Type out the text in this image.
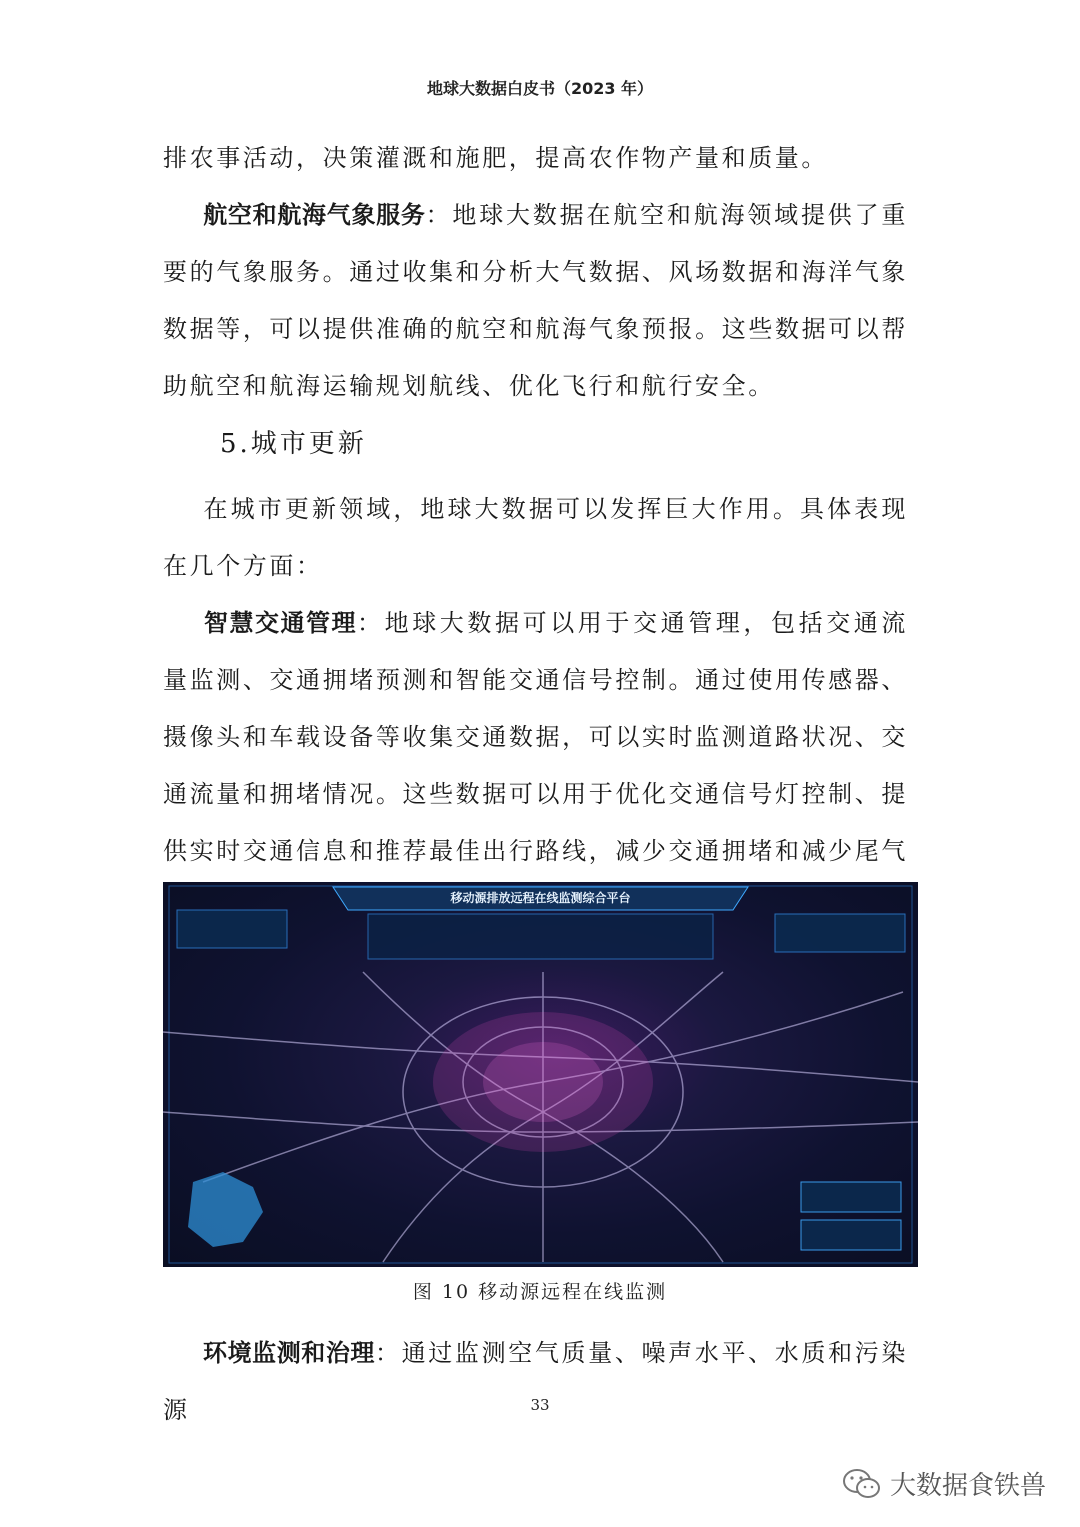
地球大数据白皮书（2023 年）

排农事活动，决策灌溉和施肥，提高农作物产量和质量。

航空和航海气象服务：地球大数据在航空和航海领域提供了重要的气象服务。通过收集和分析大气数据、风场数据和海洋气象数据等，可以提供准确的航空和航海气象预报。这些数据可以帮助航空和航海运输规划航线、优化飞行和航行安全。

5.城市更新

在城市更新领域，地球大数据可以发挥巨大作用。具体表现在几个方面：

智慧交通管理：地球大数据可以用于交通管理，包括交通流量监测、交通拥堵预测和智能交通信号控制。通过使用传感器、摄像头和车载设备等收集交通数据，可以实时监测道路状况、交通流量和拥堵情况。这些数据可以用于优化交通信号灯控制、提供实时交通信息和推荐最佳出行路线，减少交通拥堵和减少尾气

移动源排放远程在线监测综合平台
图 10 移动源远程在线监测

环境监测和治理：通过监测空气质量、噪声水平、水质和污染源	33
大数据食铁兽
